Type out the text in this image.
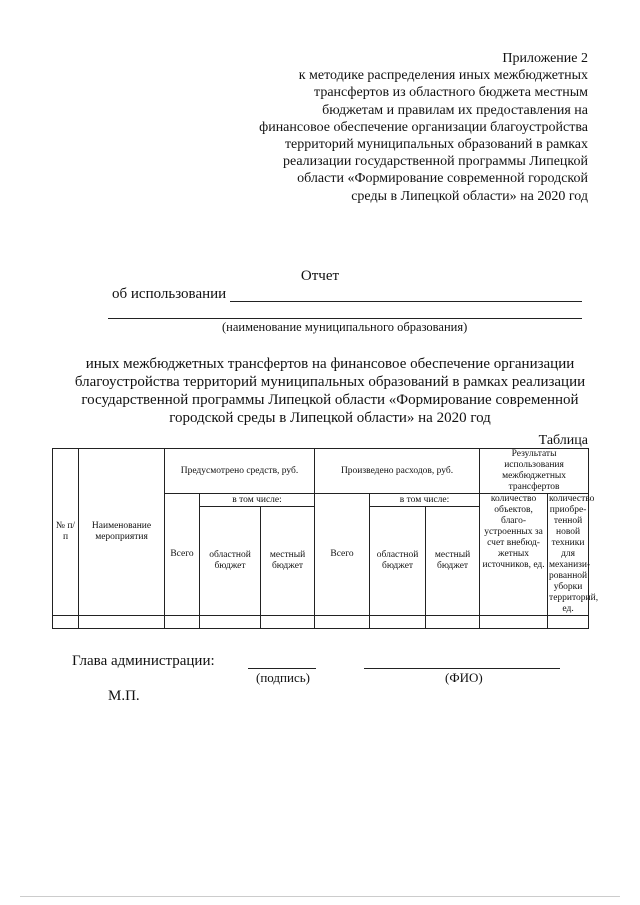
Приложение 2
к методике распределения иных межбюджетных
трансфертов из областного бюджета местным
бюджетам и правилам их предоставления на
финансовое обеспечение организации благоустройства
территорий муниципальных образований в рамках
реализации государственной программы Липецкой
области «Формирование современной городской
среды в Липецкой области» на 2020 год
Отчет
об использовании
(наименование муниципального образования)
иных межбюджетных трансфертов на финансовое обеспечение организации
благоустройства территорий муниципальных образований в рамках реализации
государственной программы Липецкой области «Формирование современной
городской среды в Липецкой области» на 2020 год
Таблица
№ п/п	Наименование мероприятия	Предусмотрено средств, руб.			Произведено расходов, руб.			Результаты использования межбюджетных трансфертов	
		Всего	в том числе:		Всего	в том числе:		количество объектов, благо-устроенных за счет внебюд-жетных источников, ед.	количество приобре-тенной новой техники для механизи-рованной уборки территорий, ед.
			областной бюджет	местный бюджет		областной бюджет	местный бюджет		

Глава администрации:
(подпись)	(ФИО)
М.П.
